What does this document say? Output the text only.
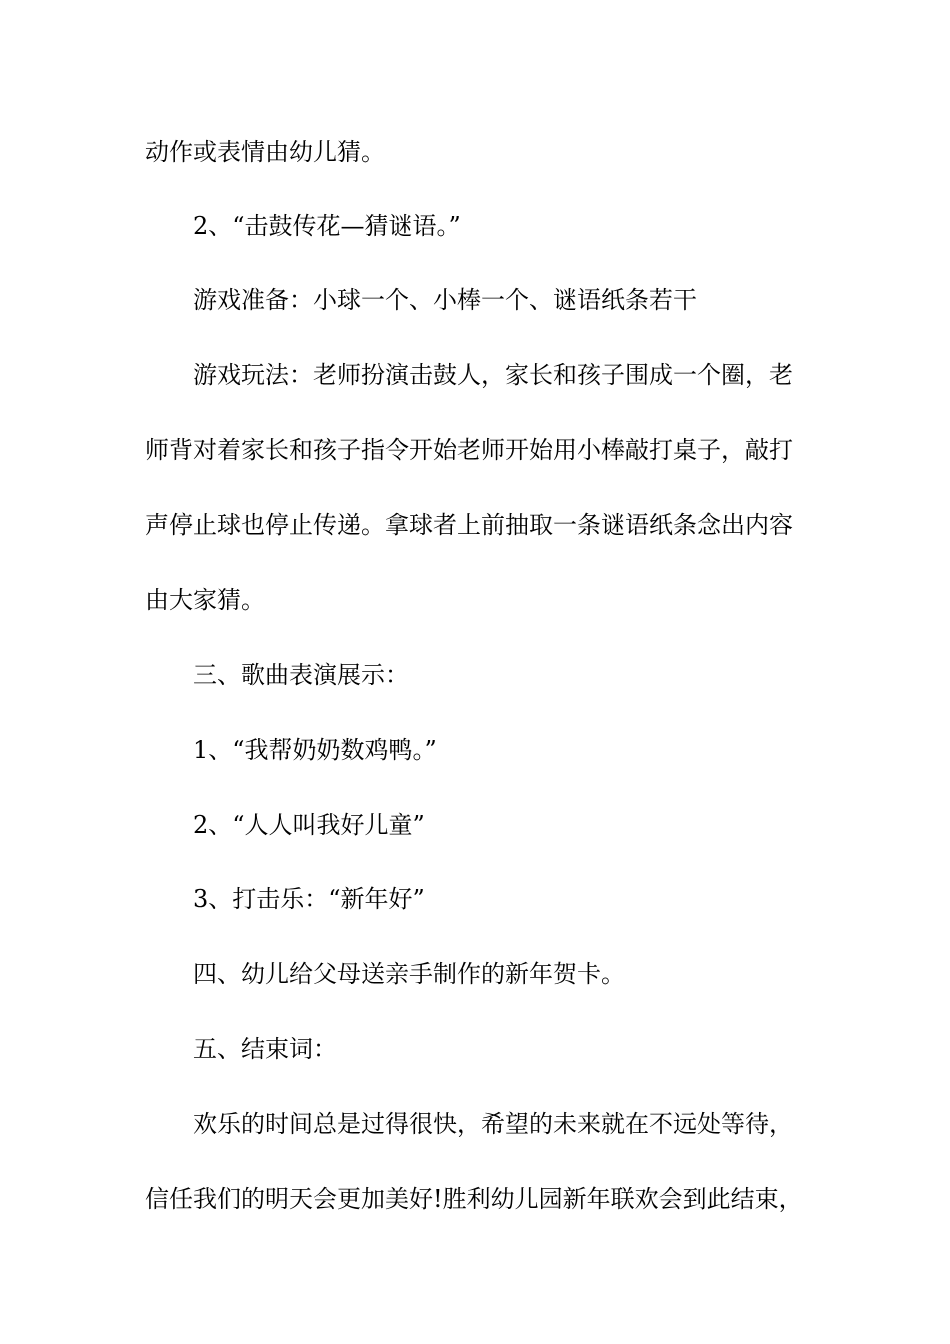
动作或表情由幼儿猜。
2、“击鼓传花—猜谜语。”
游戏准备：小球一个、小棒一个、谜语纸条若干
游戏玩法：老师扮演击鼓人，家长和孩子围成一个圈，老
师背对着家长和孩子指令开始老师开始用小棒敲打桌子，敲打
声停止球也停止传递。拿球者上前抽取一条谜语纸条念出内容
由大家猜。
三、歌曲表演展示：
1、“我帮奶奶数鸡鸭。”
2、“人人叫我好儿童”
3、打击乐：“新年好”
四、幼儿给父母送亲手制作的新年贺卡。
五、结束词：
欢乐的时间总是过得很快，希望的未来就在不远处等待，
信任我们的明天会更加美好!胜利幼儿园新年联欢会到此结束，
